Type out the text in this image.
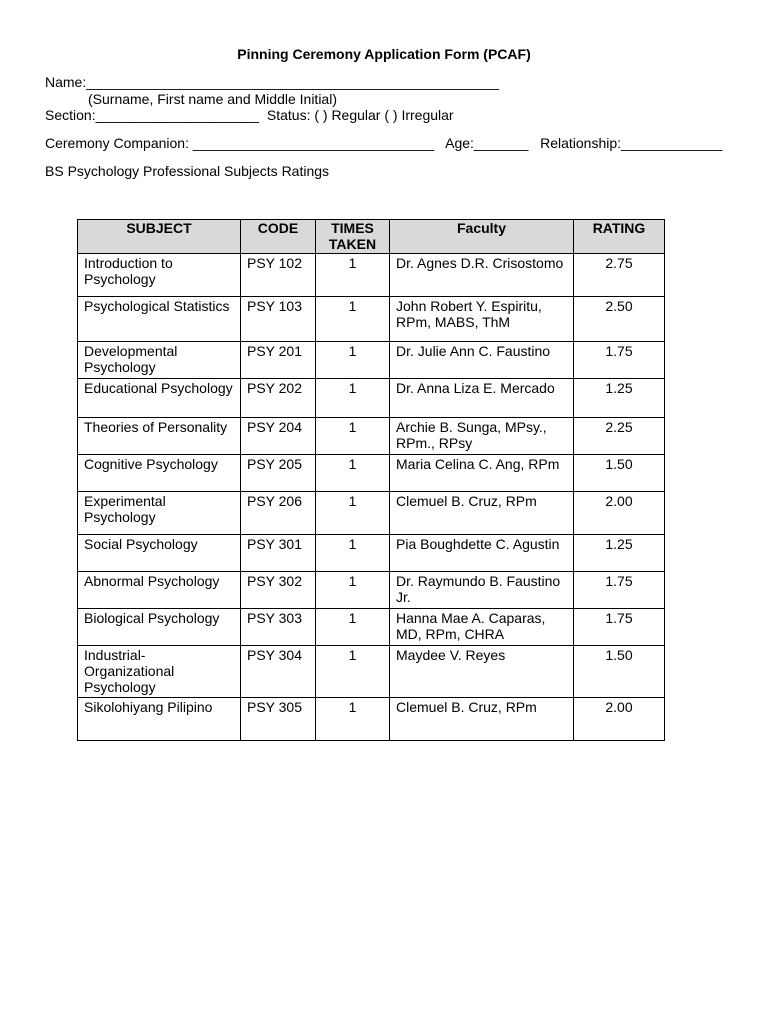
Pinning Ceremony Application Form (PCAF)
Name:_____________________________________________________
(Surname, First name and Middle Initial)
Section:_____________________  Status: ( ) Regular ( ) Irregular
Ceremony Companion: _______________________________   Age:_______   Relationship:_____________
BS Psychology Professional Subjects Ratings
SUBJECT	CODE	TIMES TAKEN	Faculty	RATING
Introduction to Psychology	PSY 102	1	Dr. Agnes D.R. Crisostomo	2.75
Psychological Statistics	PSY 103	1	John Robert Y. Espiritu, RPm, MABS, ThM	2.50
Developmental Psychology	PSY 201	1	Dr. Julie Ann C. Faustino	1.75
Educational Psychology	PSY 202	1	Dr. Anna Liza E. Mercado	1.25
Theories of Personality	PSY 204	1	Archie B. Sunga, MPsy., RPm., RPsy	2.25
Cognitive Psychology	PSY 205	1	Maria Celina C. Ang, RPm	1.50
Experimental Psychology	PSY 206	1	Clemuel B. Cruz, RPm	2.00
Social Psychology	PSY 301	1	Pia Boughdette C. Agustin	1.25
Abnormal Psychology	PSY 302	1	Dr. Raymundo B. Faustino Jr.	1.75
Biological Psychology	PSY 303	1	Hanna Mae A. Caparas, MD, RPm, CHRA	1.75
Industrial-Organizational Psychology	PSY 304	1	Maydee V. Reyes	1.50
Sikolohiyang Pilipino	PSY 305	1	Clemuel B. Cruz, RPm	2.00
